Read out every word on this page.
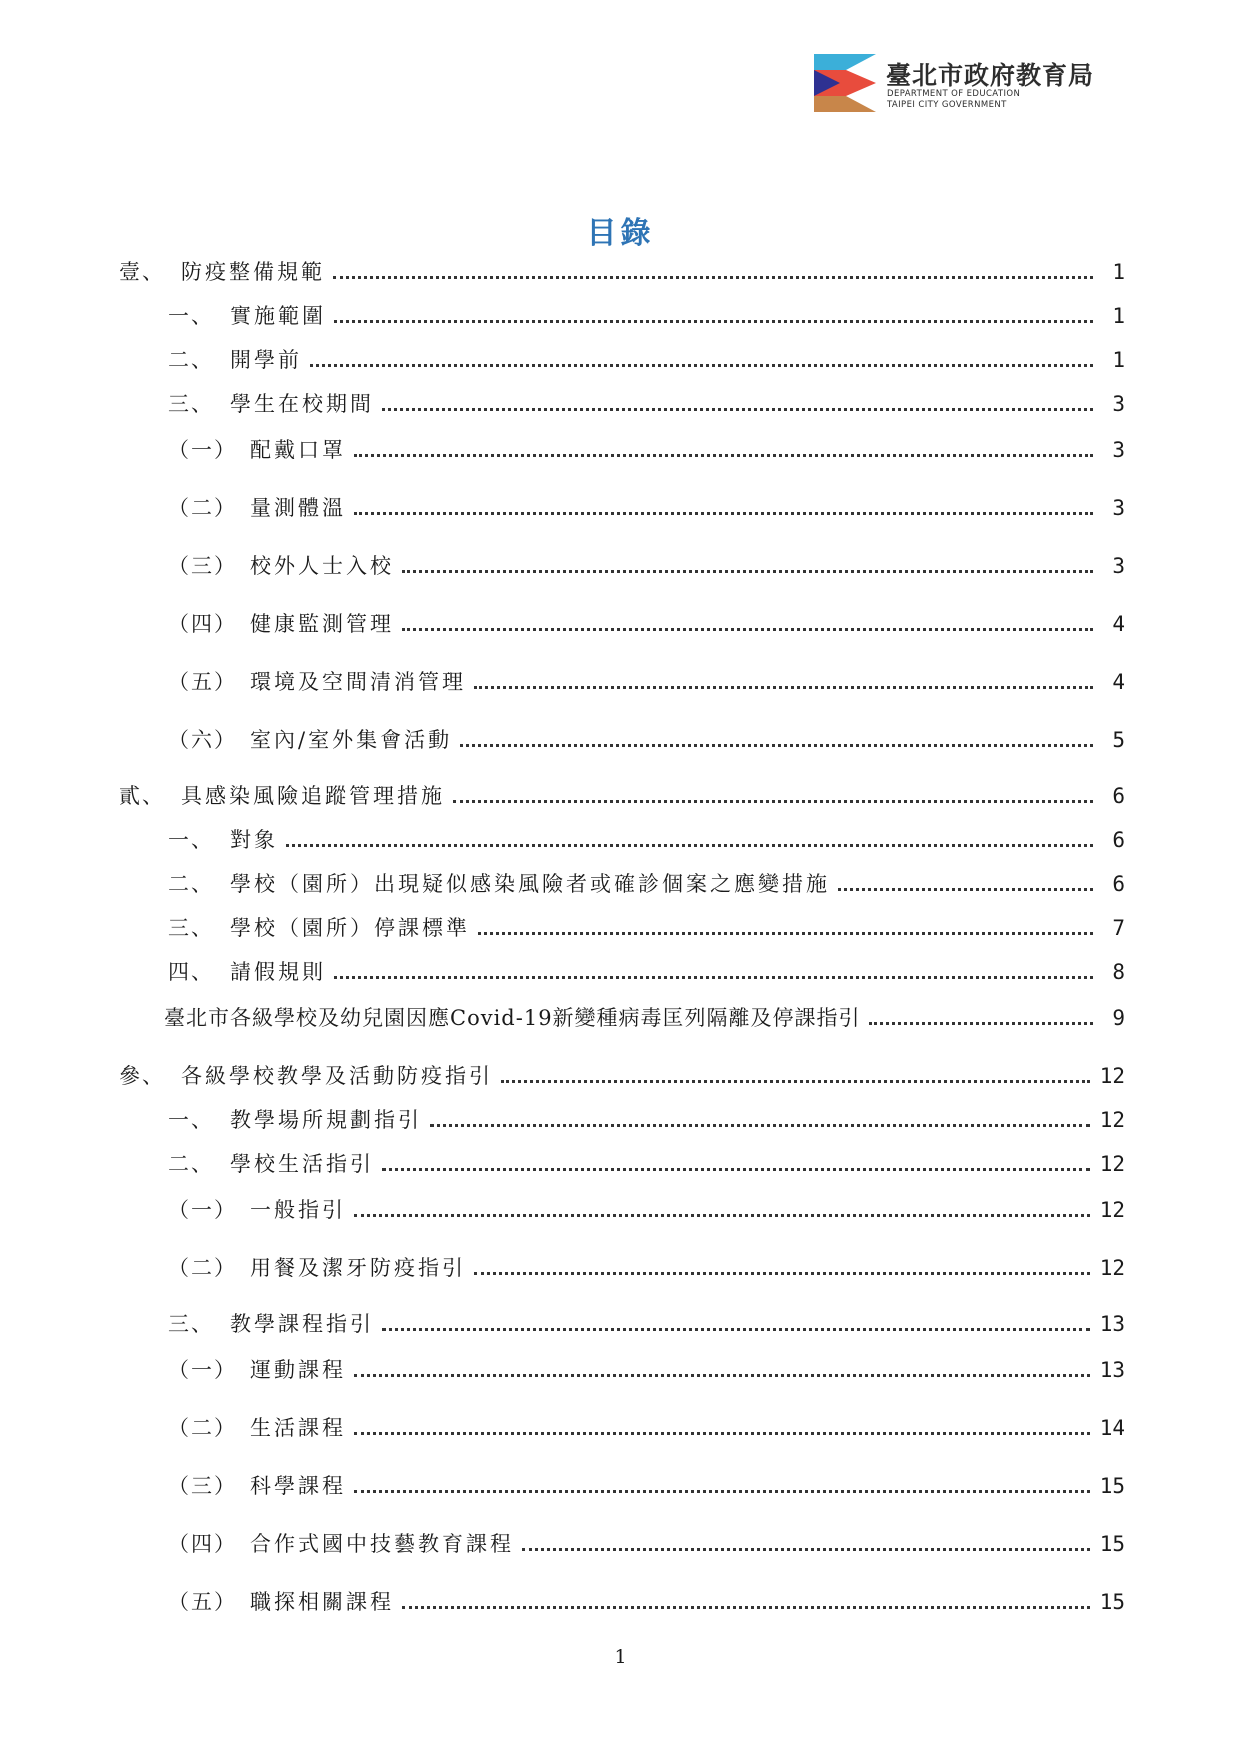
臺北市政府教育局
DEPARTMENT OF EDUCATION
TAIPEI CITY GOVERNMENT
目錄
壹、 防疫整備規範	1
一、 實施範圍	1
二、 開學前	1
三、 學生在校期間	3
（一） 配戴口罩	3
（二） 量測體溫	3
（三） 校外人士入校	3
（四） 健康監測管理	4
（五） 環境及空間清消管理	4
（六） 室內/室外集會活動	5
貳、 具感染風險追蹤管理措施	6
一、 對象	6
二、 學校（園所）出現疑似感染風險者或確診個案之應變措施	6
三、 學校（園所）停課標準	7
四、 請假規則	8
臺北市各級學校及幼兒園因應Covid-19新變種病毒匡列隔離及停課指引	9
參、 各級學校教學及活動防疫指引	12
一、 教學場所規劃指引	12
二、 學校生活指引	12
（一） 一般指引	12
（二） 用餐及潔牙防疫指引	12
三、 教學課程指引	13
（一） 運動課程	13
（二） 生活課程	14
（三） 科學課程	15
（四） 合作式國中技藝教育課程	15
（五） 職探相關課程	15
1
